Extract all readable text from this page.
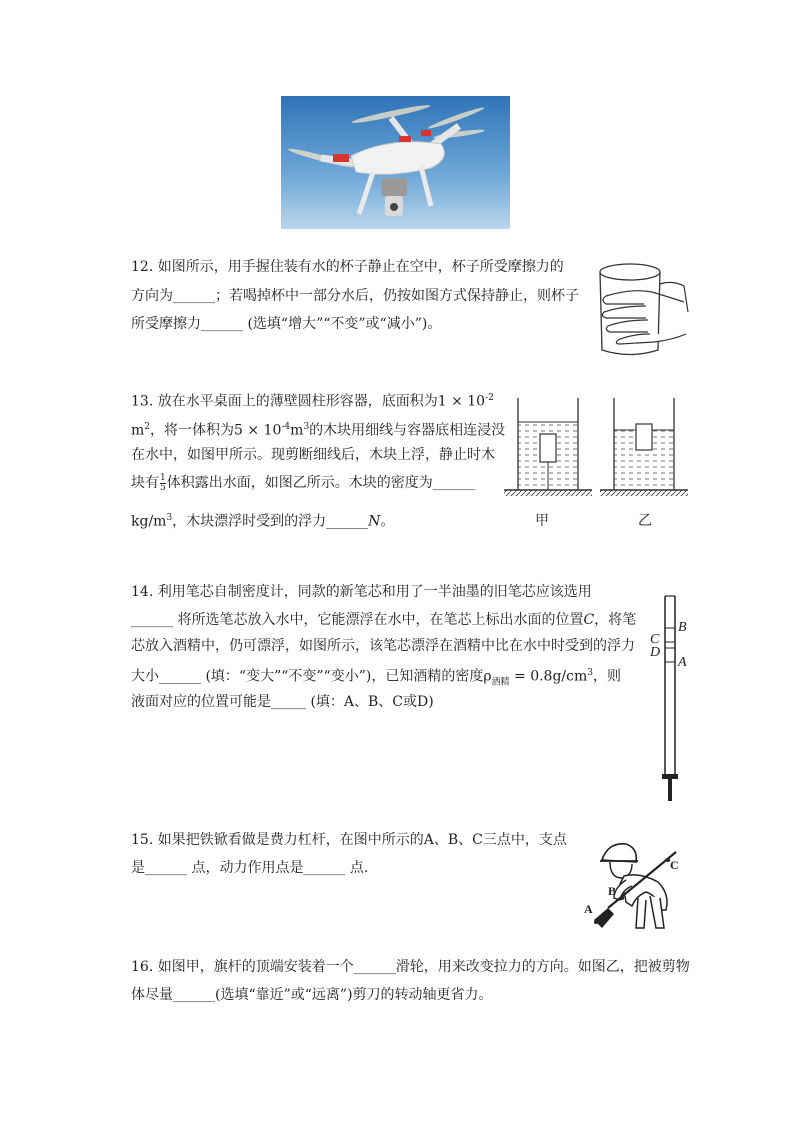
12. 如图所示，用手握住装有水的杯子静止在空中，杯子所受摩擦力的
方向为______；若喝掉杯中一部分水后，仍按如图方式保持静止，则杯子
所受摩擦力______ (选填“增大”“不变”或“减小”)。
13. 放在水平桌面上的薄壁圆柱形容器，底面积为$1 \times 10^{-2}$
$m^2$，将一体积为$5 \times 10^{-4}m^3$的木块用细线与容器底相连浸没
在水中，如图甲所示。现剪断细线后，木块上浮，静止时木
块有 $\frac{1}{5}$ 体积露出水面，如图乙所示。木块的密度为______
$kg/m^3$，木块漂浮时受到的浮力______N。	甲	乙
14. 利用笔芯自制密度计，同款的新笔芯和用了一半油墨的旧笔芯应该选用
______ 将所选笔芯放入水中，它能漂浮在水中，在笔芯上标出水面的位置C，将笔
芯放入酒精中，仍可漂浮，如图所示，该笔芯漂浮在酒精中比在水中时受到的浮力
大小______ (填：“变大”“不变”“变小”)，已知酒精的密度$\rho_{酒精} = 0.8g/cm^3$，则
液面对应的位置可能是_____ (填：A、B、C或D)
B
C
D
A
15. 如果把铁锨看做是费力杠杆，在图中所示的A、B、C三点中，支点
是______ 点，动力作用点是______ 点.	C
B
A
16. 如图甲，旗杆的顶端安装着一个______滑轮，用来改变拉力的方向。如图乙，把被剪物
体尽量______(选填“靠近”或“远离”)剪刀的转动轴更省力。
